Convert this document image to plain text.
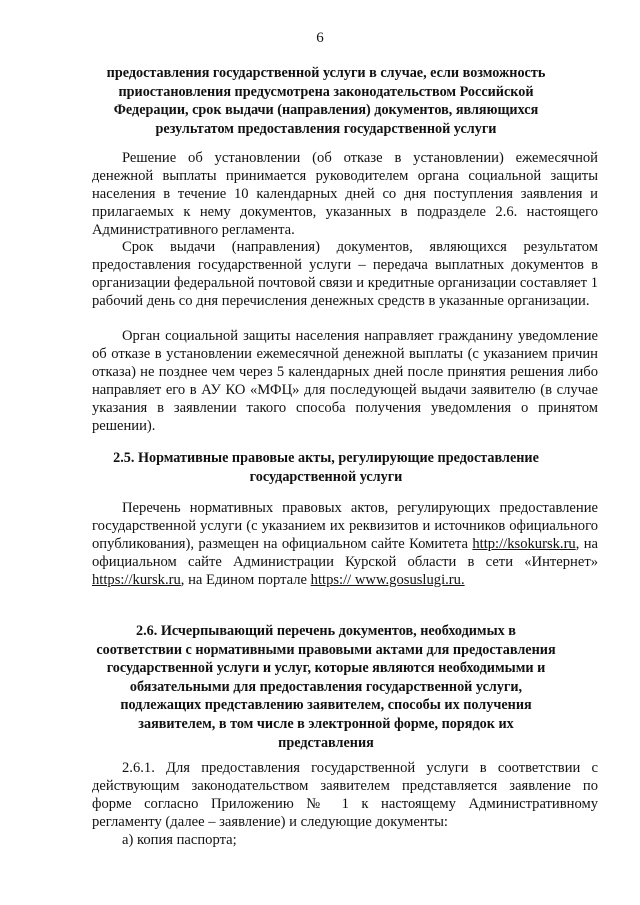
6
предоставления государственной услуги в случае, если возможность
приостановления предусмотрена законодательством Российской
Федерации, срок выдачи (направления) документов, являющихся
результатом предоставления государственной услуги
Решение об установлении (об отказе в установлении) ежемесячной денежной выплаты принимается руководителем органа социальной защиты населения в течение 10 календарных дней со дня поступления заявления и прилагаемых к нему документов, указанных в подразделе 2.6. настоящего Административного регламента.
Срок выдачи (направления) документов, являющихся результатом предоставления государственной услуги – передача выплатных документов в организации федеральной почтовой связи и кредитные организации составляет 1 рабочий день со дня перечисления денежных средств в указанные организации.
Орган социальной защиты населения направляет гражданину уведомление об отказе в установлении ежемесячной денежной выплаты (с указанием причин отказа) не позднее чем через 5 календарных дней после принятия решения либо направляет его в АУ КО «МФЦ» для последующей выдачи заявителю (в случае указания в заявлении такого способа получения уведомления о принятом решении).
2.5. Нормативные правовые акты, регулирующие предоставление
государственной услуги
Перечень нормативных правовых актов, регулирующих предоставление государственной услуги (с указанием их реквизитов и источников официального опубликования), размещен на официальном сайте Комитета http://ksokursk.ru, на официальном сайте Администрации Курской области в сети «Интернет» https://kursk.ru, на Едином портале https:// www.gosuslugi.ru.
2.6. Исчерпывающий перечень документов, необходимых в
соответствии с нормативными правовыми актами для предоставления
государственной услуги и услуг, которые являются необходимыми и
обязательными для предоставления государственной услуги,
подлежащих представлению заявителем, способы их получения
заявителем, в том числе в электронной форме, порядок их
представления
2.6.1. Для предоставления государственной услуги в соответствии с действующим законодательством заявителем представляется заявление по форме согласно Приложению № 1 к настоящему Административному регламенту (далее – заявление) и следующие документы:
а) копия паспорта;
